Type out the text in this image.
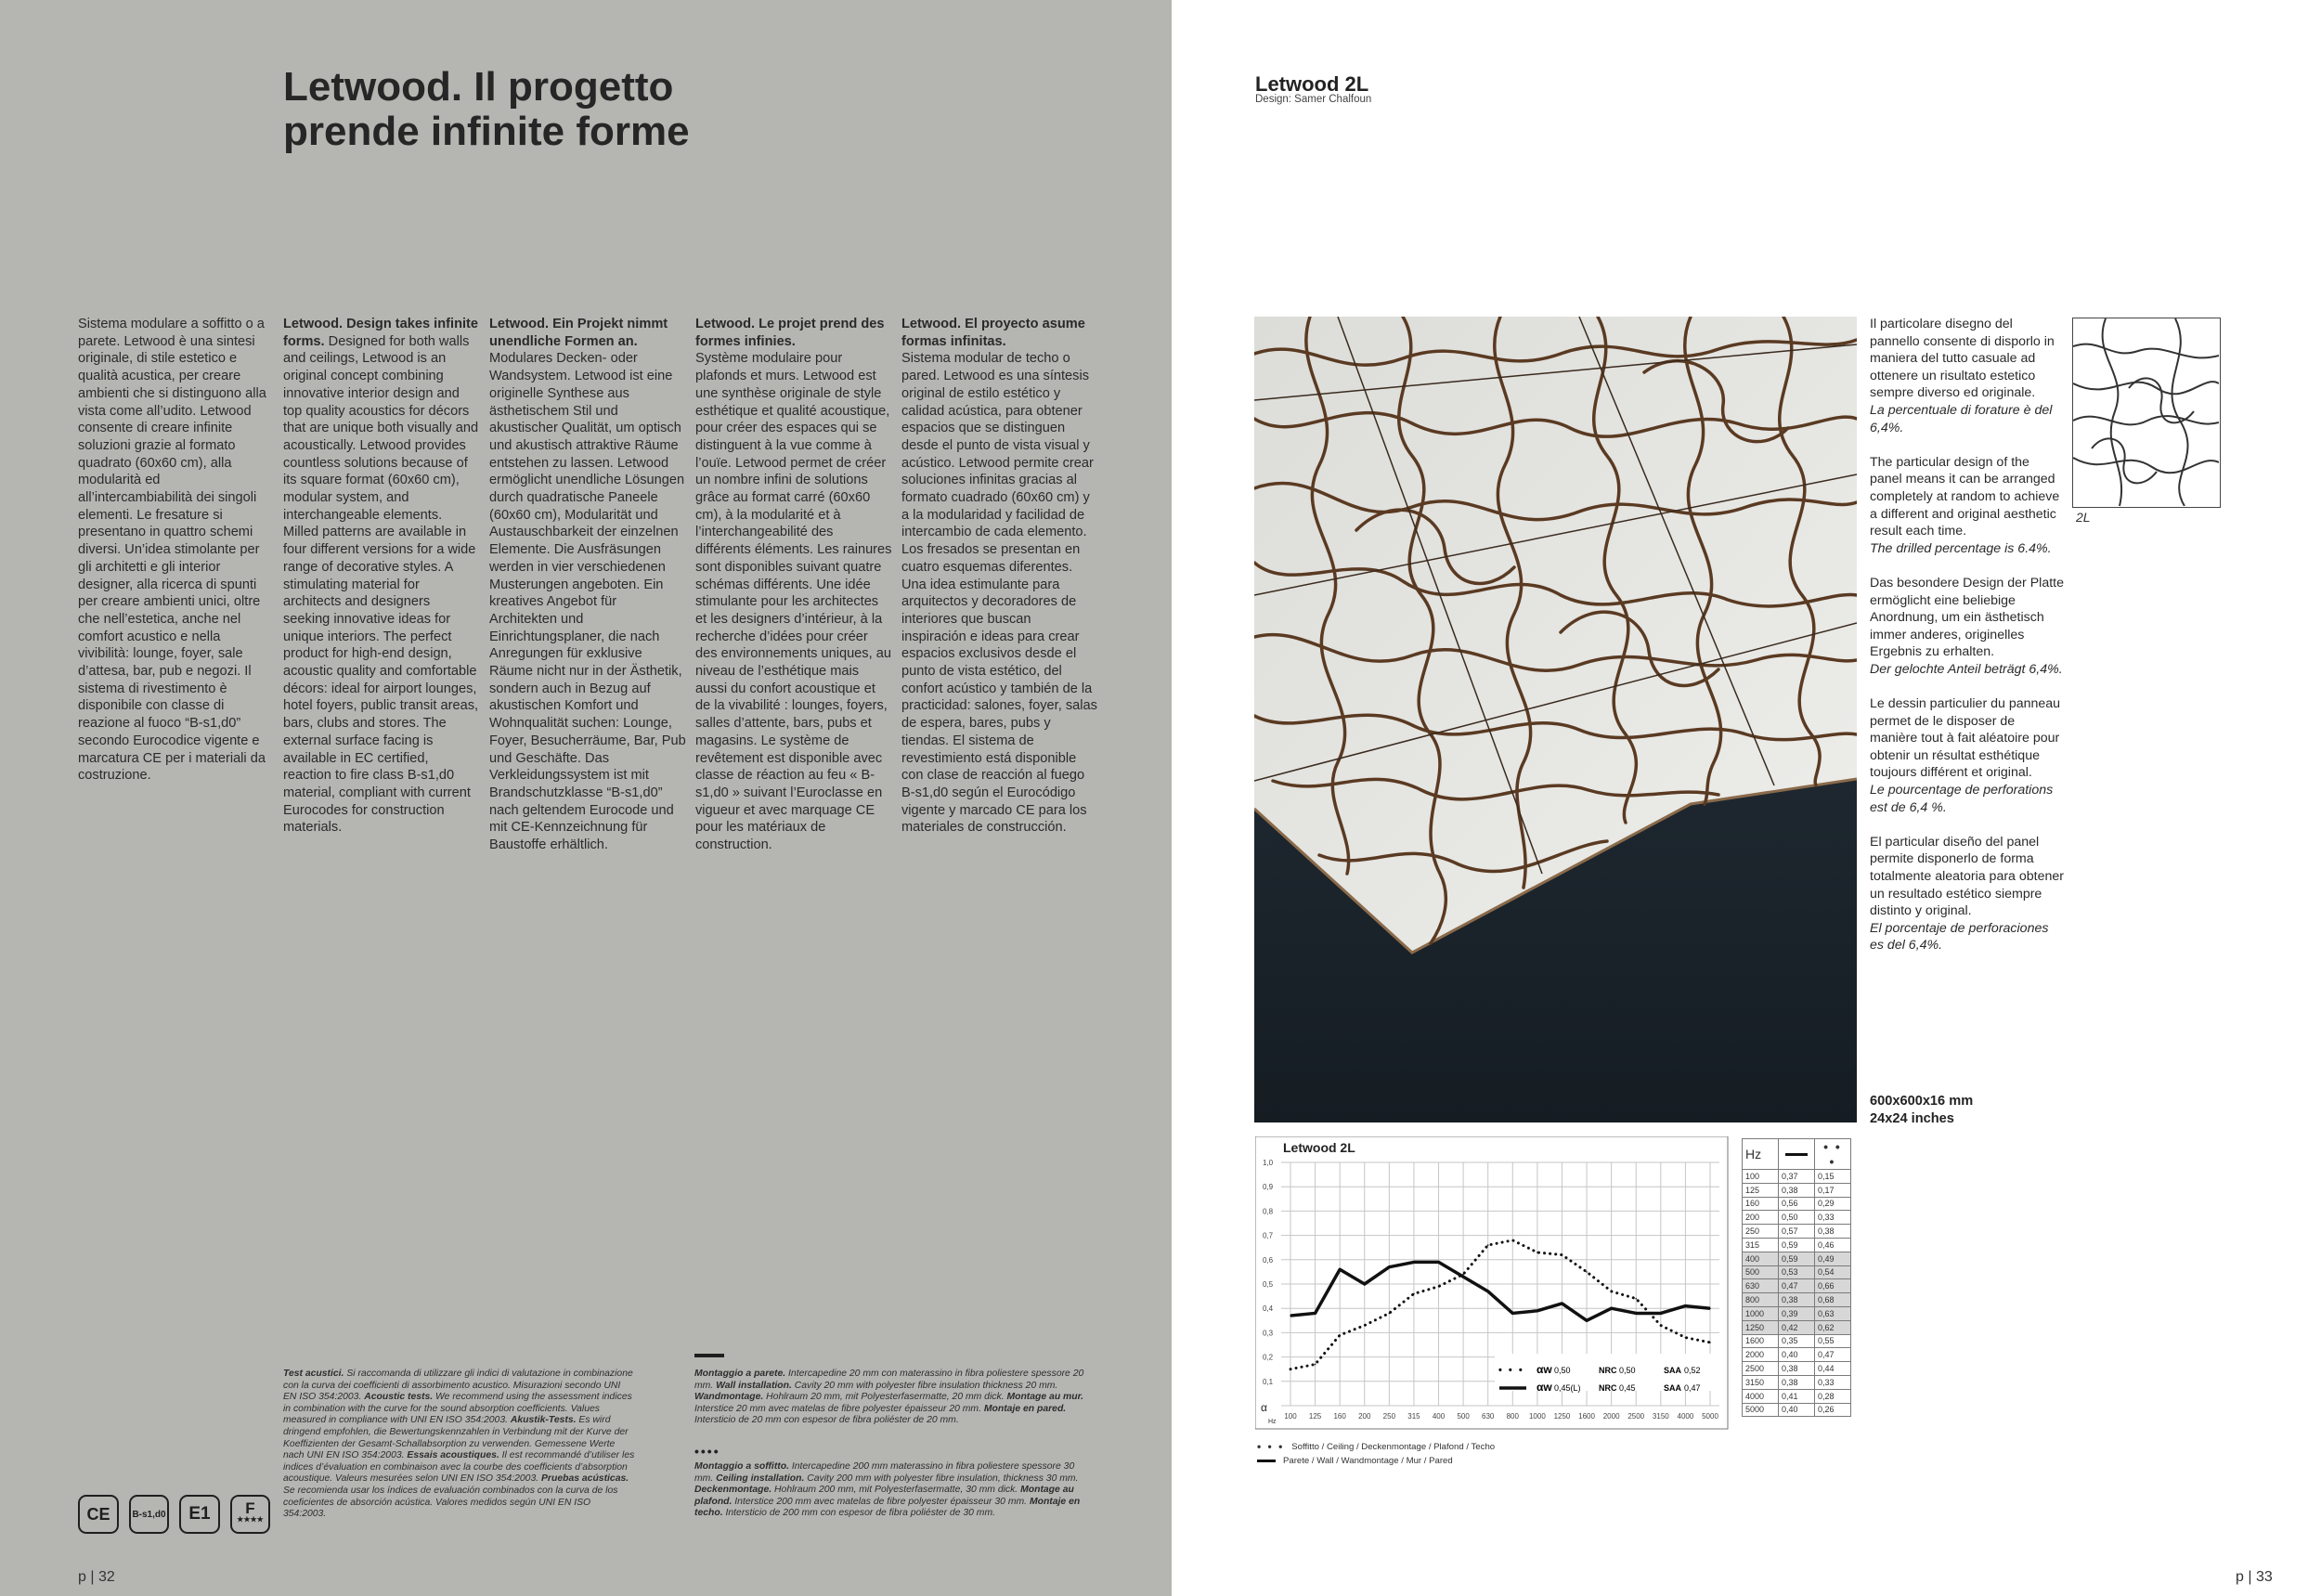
Letwood. Il progetto
prende infinite forme
Sistema modulare a soffitto o a parete. Letwood è una sintesi originale, di stile estetico e qualità acustica, per creare ambienti che si distinguono alla vista come all’udito. Letwood consente di creare infinite soluzioni grazie al formato quadrato (60x60 cm), alla modularità ed all’intercambiabilità dei singoli elementi. Le fresature si presentano in quattro schemi diversi. Un’idea stimolante per gli architetti e gli interior designer, alla ricerca di spunti per creare ambienti unici, oltre che nell’estetica, anche nel comfort acustico e nella vivibilità: lounge, foyer, sale d’attesa, bar, pub e negozi. Il sistema di rivestimento è disponibile con classe di reazione al fuoco “B-s1,d0” secondo Eurocodice vigente e marcatura CE per i materiali da costruzione.
Letwood. Design takes infinite forms. Designed for both walls and ceilings, Letwood is an original concept combining innovative interior design and top quality acoustics for décors that are unique both visually and acoustically. Letwood provides countless solutions because of its square format (60x60 cm), modular system, and interchangeable elements. Milled patterns are available in four different versions for a wide range of decorative styles. A stimulating material for architects and designers seeking innovative ideas for unique interiors. The perfect product for high-end design, acoustic quality and comfortable décors: ideal for airport lounges, hotel foyers, public transit areas, bars, clubs and stores. The external surface facing is available in EC certified, reaction to fire class B-s1,d0 material, compliant with current Eurocodes for construction materials.
Letwood. Ein Projekt nimmt unendliche Formen an. Modulares Decken- oder Wandsystem. Letwood ist eine originelle Synthese aus ästhetischem Stil und akustischer Qualität, um optisch und akustisch attraktive Räume entstehen zu lassen. Letwood ermöglicht unendliche Lösungen durch quadratische Paneele (60x60 cm), Modularität und Austauschbarkeit der einzelnen Elemente. Die Ausfräsungen werden in vier verschiedenen Musterungen angeboten. Ein kreatives Angebot für Architekten und Einrichtungsplaner, die nach Anregungen für exklusive Räume nicht nur in der Ästhetik, sondern auch in Bezug auf akustischen Komfort und Wohnqualität suchen: Lounge, Foyer, Besucherräume, Bar, Pub und Geschäfte. Das Verkleidungssystem ist mit Brandschutzklasse “B-s1,d0” nach geltendem Eurocode und mit CE-Kennzeichnung für Baustoffe erhältlich.
Letwood. Le projet prend des formes infinies.
Système modulaire pour plafonds et murs. Letwood est une synthèse originale de style esthétique et qualité acoustique, pour créer des espaces qui se distinguent à la vue comme à l’ouïe. Letwood permet de créer un nombre infini de solutions grâce au format carré (60x60 cm), à la modularité et à l’interchangeabilité des différents éléments. Les rainures sont disponibles suivant quatre schémas différents. Une idée stimulante pour les architectes et les designers d’intérieur, à la recherche d’idées pour créer des environnements uniques, au niveau de l’esthétique mais aussi du confort acoustique et de la vivabilité : lounges, foyers, salles d’attente, bars, pubs et magasins. Le système de revêtement est disponible avec classe de réaction au feu « B-s1,d0 » suivant l’Euroclasse en vigueur et avec marquage CE pour les matériaux de construction.
Letwood. El proyecto asume formas infinitas.
Sistema modular de techo o pared. Letwood es una síntesis original de estilo estético y calidad acústica, para obtener espacios que se distinguen desde el punto de vista visual y acústico. Letwood permite crear soluciones infinitas gracias al formato cuadrado (60x60 cm) y a la modularidad y facilidad de intercambio de cada elemento. Los fresados se presentan en cuatro esquemas diferentes. Una idea estimulante para arquitectos y decoradores de interiores que buscan inspiración e ideas para crear espacios exclusivos desde el punto de vista estético, del confort acústico y también de la practicidad: salones, foyer, salas de espera, bares, pubs y tiendas. El sistema de revestimiento está disponible con clase de reacción al fuego B-s1,d0 según el Eurocódigo vigente y marcado CE para los materiales de construcción.
Test acustici. Si raccomanda di utilizzare gli indici di valutazione in combinazione con la curva dei coefficienti di assorbimento acustico. Misurazioni secondo UNI EN ISO 354:2003. Acoustic tests. We recommend using the assessment indices in combination with the curve for the sound absorption coefficients. Values measured in compliance with UNI EN ISO 354:2003. Akustik-Tests. Es wird dringend empfohlen, die Bewertungskennzahlen in Verbindung mit der Kurve der Koeffizienten der Gesamt-Schallabsorption zu verwenden. Gemessene Werte nach UNI EN ISO 354:2003. Essais acoustiques. Il est recommandé d’utiliser les indices d’évaluation en combinaison avec la courbe des coefficients d’absorption acoustique. Valeurs mesurées selon UNI EN ISO 354:2003. Pruebas acústicas. Se recomienda usar los índices de evaluación combinados con la curva de los coeficientes de absorción acústica. Valores medidos según UNI EN ISO 354:2003.
Montaggio a parete. Intercapedine 20 mm con materassino in fibra poliestere spessore 20 mm. Wall installation. Cavity 20 mm with polyester fibre insulation thickness 20 mm. Wandmontage. Hohlraum 20 mm, mit Polyesterfasermatte, 20 mm dick. Montage au mur. Interstice 20 mm avec matelas de fibre polyester épaisseur 20 mm. Montaje en pared. Intersticio de 20 mm con espesor de fibra poliéster de 20 mm.
••••
Montaggio a soffitto. Intercapedine 200 mm materassino in fibra poliestere spessore 30 mm. Ceiling installation. Cavity 200 mm with polyester fibre insulation, thickness 30 mm. Deckenmontage. Hohlraum 200 mm, mit Polyesterfasermatte, 30 mm dick. Montage au plafond. Interstice 200 mm avec matelas de fibre polyester épaisseur 30 mm. Montaje en techo. Intersticio de 200 mm con espesor de fibra poliéster de 30 mm.
CE	B-s1,d0	E1	F
★★★★
p | 32
Letwood 2L
Design: Samer Chalfoun

Il particolare disegno del pannello consente di disporlo in maniera del tutto casuale ad ottenere un risultato estetico sempre diverso ed originale.
La percentuale di forature è del 6,4%.

The particular design of the panel means it can be arranged completely at random to achieve a different and original aesthetic result each time.
The drilled percentage is 6.4%.

Das besondere Design der Platte ermöglicht eine beliebige Anordnung, um ein ästhetisch immer anderes, originelles Ergebnis zu erhalten.
Der gelochte Anteil beträgt 6,4%.

Le dessin particulier du panneau permet de le disposer de manière tout à fait aléatoire pour obtenir un résultat esthétique toujours différent et original.
Le pourcentage de perforations est de 6,4 %.

El particular diseño del panel permite disponerlo de forma totalmente aleatoria para obtener un resultado estético siempre distinto y original.
El porcentaje de perforaciones es del 6,4%.

600x600x16 mm
24x24 inches
2L
0,1
0,2
0,3
0,4
0,5
0,6
0,7
0,8
0,9
1,0
100 125 160 200 250 315 400 500 630 800 1000 1250 1600 2000 2500 3150 4000 5000
Letwood 2L
α
Hz
• • • αw 0,50	NRC 0,50	SAA 0,52
αw 0,45(L) NRC 0,45	SAA 0,47
• • • Soffitto / Ceiling / Deckenmontage / Plafond / Techo
Parete / Wall / Wandmontage / Mur / Pared
Hz		• • •
100	0,37	0,15
125	0,38	0,17
160	0,56	0,29
200	0,50	0,33
250	0,57	0,38
315	0,59	0,46
400	0,59	0,49
500	0,53	0,54
630	0,47	0,66
800	0,38	0,68
1000	0,39	0,63
1250	0,42	0,62
1600	0,35	0,55
2000	0,40	0,47
2500	0,38	0,44
3150	0,38	0,33
4000	0,41	0,28
5000	0,40	0,26
p | 33
